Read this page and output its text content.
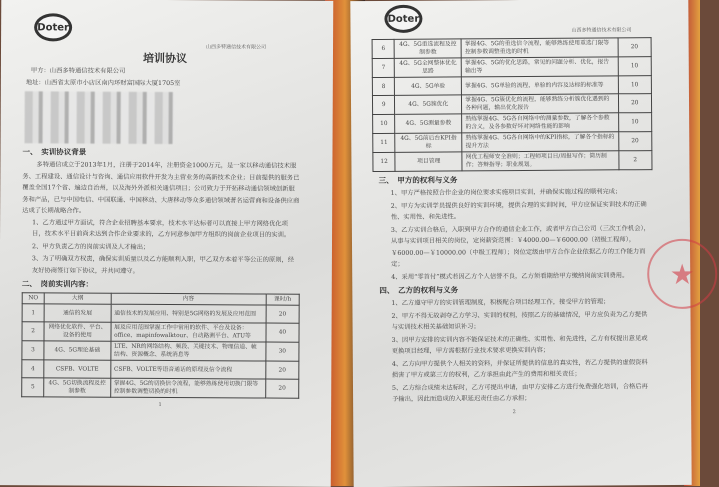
Doter
山西多特通信技术有限公司
培训协议
甲方：山西多特通信技术有限公司
地址：山西省太原市小店区南内环财富国际大厦1705室
一、　实训协议背景
多特通信成立于2013年1月，注册于2014年，注册资金1000万元，是一家以移动通信技术服务、工程建设、通信设计与咨询、通信应用软件开发为主营业务的高新技术企业；目前提供的服务已覆盖全国17个省、遍边自治州，以及海外外派相关通信项目；公司致力于开拓移动通信领域创新服务和产品，已与中国电信、中国联通、中国移动、大唐移动等众多通信领域著名运营商和设备供应商达成了长期战略合作。
1、乙方通过甲方面试，符合企业招聘基本要求，技术水平达标者可以直接上甲方网络优化项目，技术水平目前尚未达到合作企业要求的，乙方同意参加甲方组织的岗前企业项目的实训。
2、甲方负责乙方的岗前实训及人才输出；
3、为了明确双方权责，确保实训质量以及乙方能顺利入职，甲乙双方本着平等公正的原则，经友好协商签订如下协议，并共同遵守。
二、　岗前实训内容：
NO	大纲	内容	课时/h
1	通信的发展	通信技术的发展应用、特别是5G网络的发展及应用范围	20
2	网络优化软件、平台、设备的使用	展及应用范围掌握工作中常用的软件、平台及设备：office、mapinfowalktour、自动路测平台、ATU等	40
3	4G、5G理论基础	LTE、NR的网络结构、频段、关键技术、物理信道、帧结构、资源概念、系统消息等	30
4	CSFB、VOLTE	CSFB、VOLTE等语音通话的原理及信令流程	20
5	4G、5G切换流程及控制参数	掌握4G、5G的切换信令流程，能够熟练使用切换门限等控制参数调整切换的时机	20
1
Doter
山西多特通信技术有限公司
6	4G、5G重选流程及控制参数	掌握4G、5G的重选信令流程，能够熟练使用重选门限等控制参数调整重选的时机	20
7	4G、5G全网整体优化思路	掌握4G、5G的优化思路，常见的问题分析、优化，报告输出等	10
8	4G、5G单验	掌握4G、5G单验的流程，单验的内容及达标的标准等	10
9	4G、5G簇优化	掌握4G、5G簇优化的流程，能够熟练分析簇优化遇到的各种问题，输出优化报告	20
10	4G、5G测量参数	熟练掌握4G、5G各自网络中的测量参数，了解各个参数的含义，及各参数好坏对网络性能的影响	10
11	4G、5G前后台KPI指标	熟练掌握4G、5G各自网络中的KPI指标，了解各个指标的提升方法	20
12	项目管理	网优工程师安全准则；工程师项目日/周报写作；简历制作；答辩指导；职业规划。	2
三、　甲方的权利与义务
1、甲方严格按照合作企业的岗位要求实施项目实训，并确保实施过程的顺利完成；
2、甲方为实训学员提供良好的实训环境，提供合理的实训时间，甲方应保证实训技术的正确性、实用性、和先进性。
3、乙方实训合格后，入职到甲方合作的通信企业工作，或者甲方自己公司（三次工作机会），从事与实训项目相关的岗位，定岗薪资范围：￥4000.00—￥6000.00（初级工程师），￥6000.00—￥10000.00（中级工程师）；岗位定级由甲方合作企业依据乙方的工作能力而定；
4、采用“零首付”模式若因乙方个人信誉不良，乙方须看期给甲方缴纳岗前实训费用。
四、　乙方的权利与义务
1、乙方遵守甲方的实训管理制度，积极配合项目经理工作，接受甲方的管理；
2、甲方不得无故剥夺乙方学习、实训的权利，按照乙方的基础情况，甲方应负责为乙方提供与实训技术相关基础知识补习；
3、因甲方安排的实训内容不能保证技术的正确性、实用性、和先进性，乙方有权提出意见或更换项目经理，甲方需根据行业技术要求更换实训内容；
4、乙方向甲方提供个人相关的资料，并保证所提供的信息的真实性，若乙方提供的虚假资料损害了甲方或第三方的权利，乙方承担由此产生的费用和相关责任；
5、乙方综合成绩未达标时，乙方可提出申请，由甲方安排乙方进行免费强化培训，合格后再予输出，因此而造成的入职延迟责任由乙方承担；
2
★
